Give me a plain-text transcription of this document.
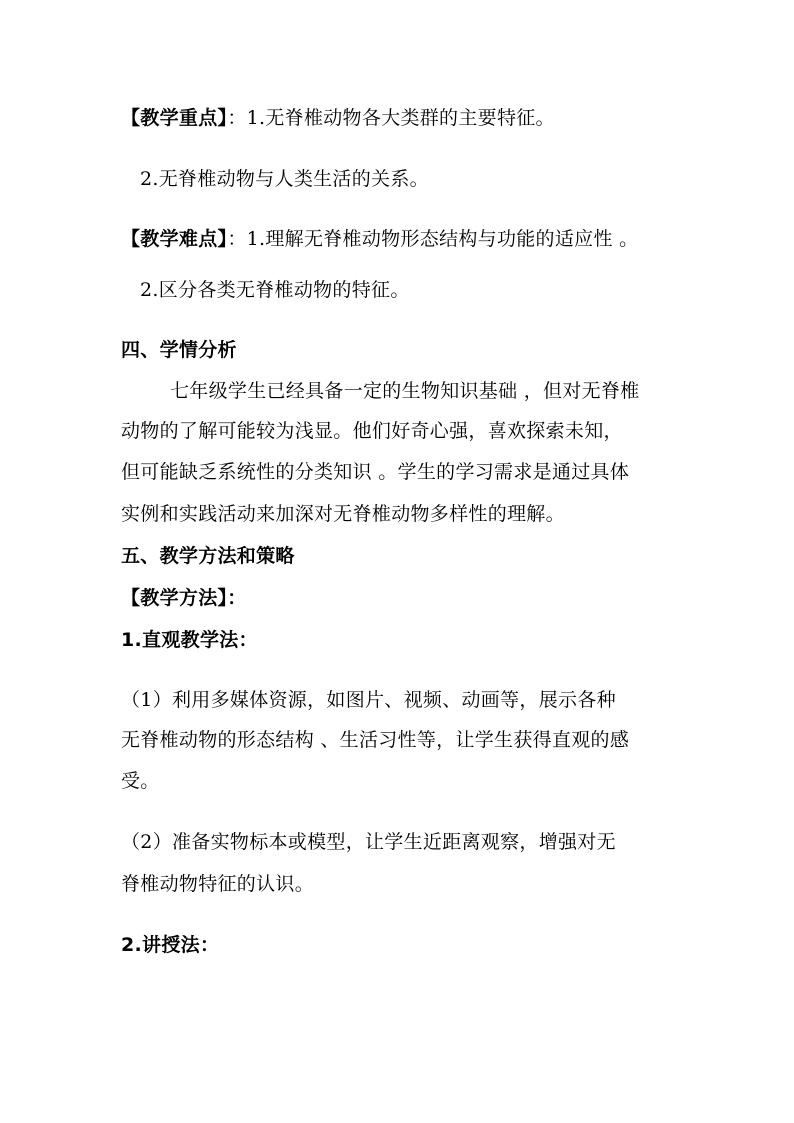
【教学重点】：1.无脊椎动物各大类群的主要特征。
2.无脊椎动物与人类生活的关系。
【教学难点】：1.理解无脊椎动物形态结构与功能的适应性 。
2.区分各类无脊椎动物的特征。
四、学情分析
七年级学生已经具备一定的生物知识基础 ，但对无脊椎
动物的了解可能较为浅显。他们好奇心强，喜欢探索未知，
但可能缺乏系统性的分类知识 。学生的学习需求是通过具体
实例和实践活动来加深对无脊椎动物多样性的理解。
五、教学方法和策略
【教学方法】：
1.直观教学法：
（1）利用多媒体资源，如图片、视频、动画等，展示各种
无脊椎动物的形态结构 、生活习性等，让学生获得直观的感
受。
（2）准备实物标本或模型，让学生近距离观察，增强对无
脊椎动物特征的认识。
2.讲授法：
